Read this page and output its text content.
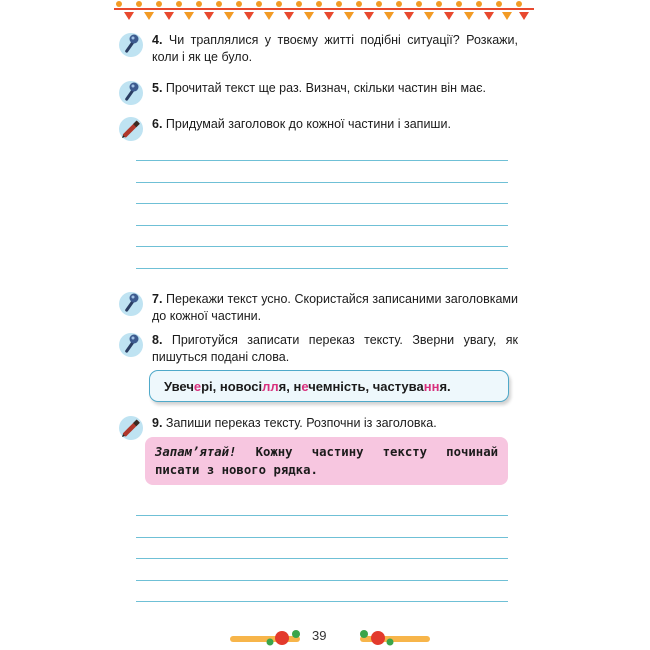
4. Чи траплялися у твоєму житті подібні ситуації? Розкажи, коли і як це було.
5. Прочитай текст ще раз. Визнач, скільки частин він має.
6. Придумай заголовок до кожної частини і запиши.
7. Перекажи текст усно. Скористайся записаними заголовками до кожної частини.
8. Приготуйся записати переказ тексту. Зверни увагу, як пишуться подані слова.
Увечері, новосілля, нечемність, частування.
9. Запиши переказ тексту. Розпочни із заголовка.
Запам’ятай! Кожну частину тексту починай писати з нового рядка.
39
